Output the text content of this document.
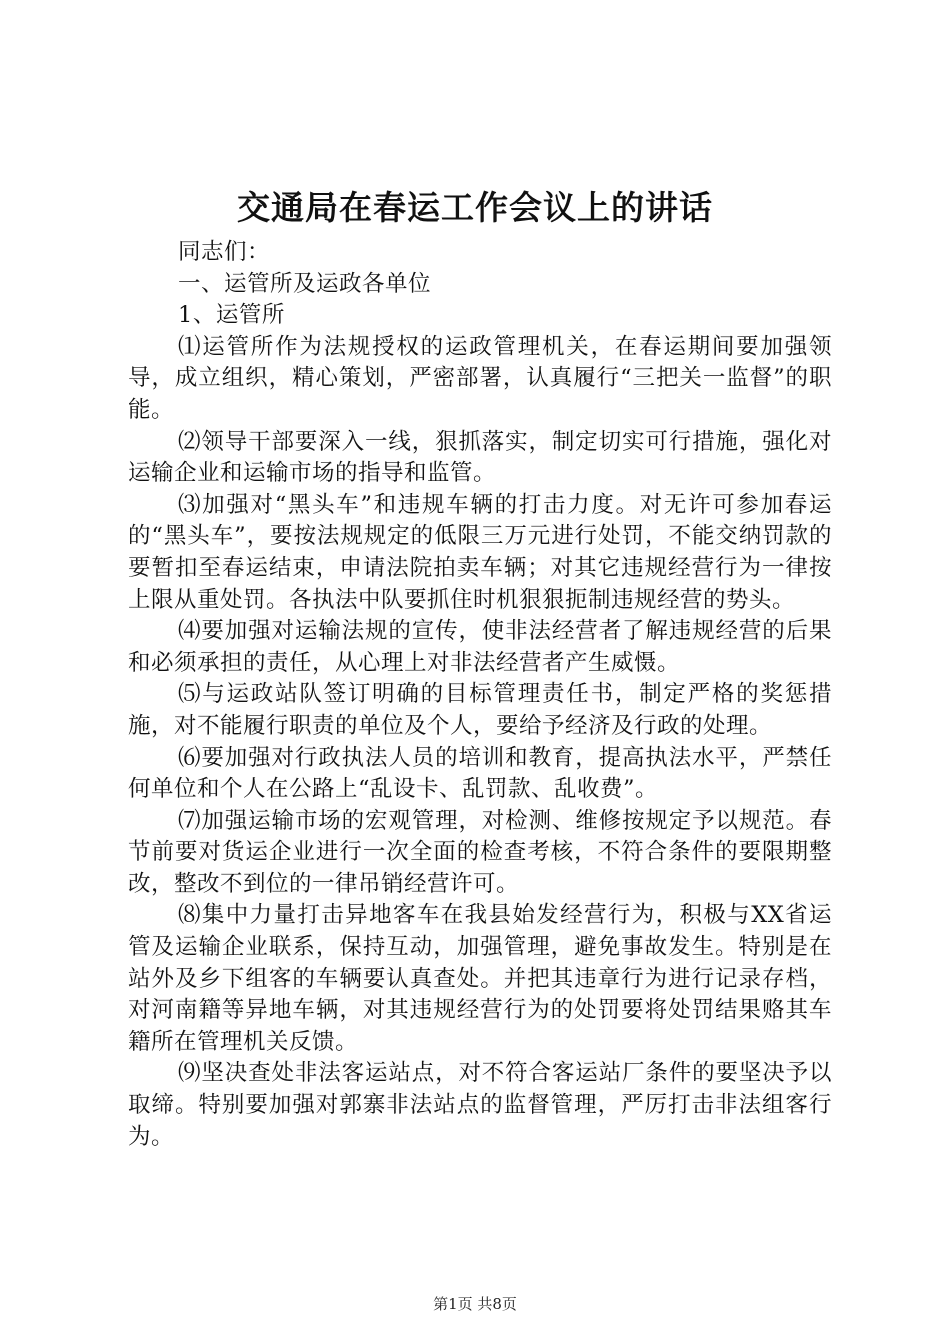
交通局在春运工作会议上的讲话

同志们：

一、运管所及运政各单位

1、运管所

⑴运管所作为法规授权的运政管理机关，在春运期间要加强领导，成立组织，精心策划，严密部署，认真履行“三把关一监督”的职能。

⑵领导干部要深入一线，狠抓落实，制定切实可行措施，强化对运输企业和运输市场的指导和监管。

⑶加强对“黑头车”和违规车辆的打击力度。对无许可参加春运的“黑头车”，要按法规规定的低限三万元进行处罚，不能交纳罚款的要暂扣至春运结束，申请法院拍卖车辆；对其它违规经营行为一律按上限从重处罚。各执法中队要抓住时机狠狠扼制违规经营的势头。

⑷要加强对运输法规的宣传，使非法经营者了解违规经营的后果和必须承担的责任，从心理上对非法经营者产生威慑。

⑸与运政站队签订明确的目标管理责任书，制定严格的奖惩措施，对不能履行职责的单位及个人，要给予经济及行政的处理。

⑹要加强对行政执法人员的培训和教育，提高执法水平，严禁任何单位和个人在公路上“乱设卡、乱罚款、乱收费”。

⑺加强运输市场的宏观管理，对检测、维修按规定予以规范。春节前要对货运企业进行一次全面的检查考核，不符合条件的要限期整改，整改不到位的一律吊销经营许可。

⑻集中力量打击异地客车在我县始发经营行为，积极与XX省运管及运输企业联系，保持互动，加强管理，避免事故发生。特别是在站外及乡下组客的车辆要认真查处。并把其违章行为进行记录存档，对河南籍等异地车辆，对其违规经营行为的处罚要将处罚结果赂其车籍所在管理机关反馈。

⑼坚决查处非法客运站点，对不符合客运站厂条件的要坚决予以取缔。特别要加强对郭寨非法站点的监督管理，严厉打击非法组客行为。

第1页 共8页
